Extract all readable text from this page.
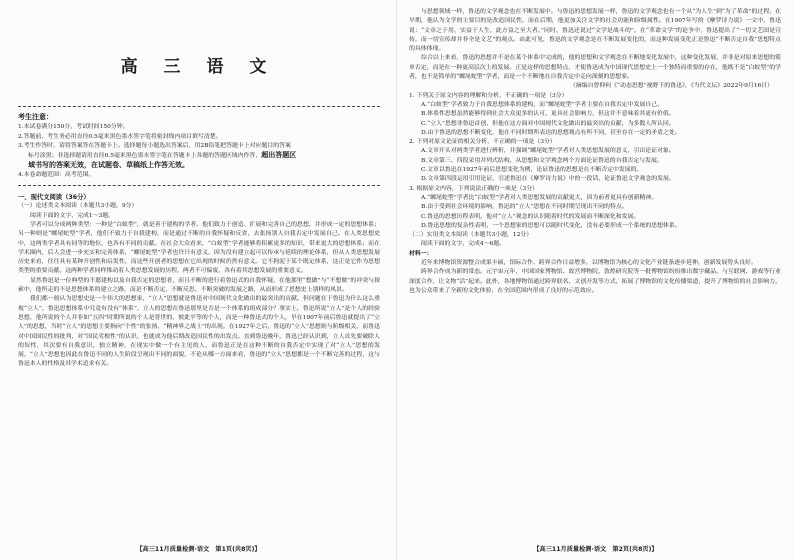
高 三 语 文
考生注意：
1.本试卷满分150分，考试时间150分钟。
2.答题前，考生务必用直径0.5毫米黑色墨水签字笔将密封线内项目填写清楚。
3.考生作答时，请将答案答在答题卡上。选择题每小题选出答案后，用2B铅笔把答题卡上对应题目的答案
标号涂黑；非选择题请用直径0.5毫米黑色墨水签字笔在答题卡上各题的答题区域内作答，超出答题区
域书写的答案无效，在试题卷、草稿纸上作答无效。
4.本卷命题范围：高考范围。
一、现代文阅读（36分）
（一）论述类文本阅读（本题共3小题，9分）
阅读下面的文字，完成1～3题。
学者可以分成两种类型：一种是“白蚁型”，就是善于建构的学者。他们致力于创造、扩展和完善自己的思想，并形成一定的思想体系；另一种则是“螺尾蛇型”学者，他们不致力于自我建构，而是通过不断的自我怀疑和反省，去张扬别人自我否定中发展自己。在人类思想史中，这两类学者具有同等的地位，也各有不同的贡献。在社会大众看来，“白蚁型”学者能够将积累更多的知识，带来更大的思想体系；而在学术圈内，后人会进一步充实和完善体系，“螺尾蛇型”学者也许只有意义，因为没有建立起可以传承与延续的理论体系，但从人类思想发展历史来看，往往具有某种开创性和启发性，而这些开创者的思想在它出现的时候仍然有意义。它不拘泥于某个既定体系，这正是它作为思想类型的重要贡献。这两种学者同样推动着人类思想发展的历程，两者不可偏废，各有着其思想发展的重要意义。
显然鲁迅是一位典型的不愿建构以及自我否定的思想者，而且不断的进行着鲁迅式的自我怀疑，在他那里“想做”与“不想做”的冲突与探索中，他所走的不是思想体系的建立之路，而是不断否定、不断反思、不断突破的发展之路，从而形成了思想史上别样的风景。
我们都一般认为思想史是一个伟大的思想家，“立人”思想就是鲁迅对中国现代文化做出的最突出的贡献。但问题在于鲁迅为什么这么重视“立人”，鲁迅思想体系中究竟有没有“体系”，立人的思想在鲁迅那里是否是一个体系的组成部分？事实上，鲁迅所说“立人”是个人的经验思想，他所说的个人并非如“五四”时期所说的个人是普世的、彼此平等的个人，而是一种鲁迅式的个人，早在1907年前后鲁迅就提出了“立人”的思想，当时“立人”的思想主要指向“个性”的张扬、“精神界之战士”的出现。在1927年之后，鲁迅的“立人”思想则与阶级相关，而鲁迅对中国国民性的批判，对“国民劣根性”的认识，也就成为他后期改造国民性的出发点。直到鲁迅晚年，鲁迅已经认识到，立人首先要破除人的奴性，其次要有自我意识，独立精神，在现实中做一个有主见的人，而鲁迅正是在这种不断的自我否定中实现了对“立人”思想的发展，“立人”思想也因此在鲁迅不同的人生阶段呈现出不同的面貌，不论从哪一方面来看，鲁迅的“立人”思想都是一个不断完善的过程，这与鲁迅本人的性格及其学术追求有关。
【高三11月质量检测·语文　第1页(共8页)】
与思想领域一样，鲁迅的文学观念也在不断发展中。与鲁迅的思想发展一样，鲁迅的文学观念也有一个从“为人生”到“为了革命”的过程。在早期，他认为文学的主要目的是改造国民性，而在后期，他更加关注文学的社会功能和阶级属性。在1907年写的《摩罗诗力说》一文中，鲁迅说：“文章之于用，实益于人生，此方益之至大者。”同时，鲁迅还说过“文学是战斗的”。在“革命文学”的论争中，鲁迅提出了“一切文艺固是宣传，而一切宣传却并非全是文艺”的观点。由此可见，鲁迅的文学观念是在不断发展变化的，而这种发展变化正是鲁迅“不断否定自我”思想特点的具体体现。
综合以上来看，鲁迅的思想并不是在某个体系中完成的，他的思想和文学观念在不断地变化发展中，这种变化发展，并非是对原来思想的简单否定，而是在一种更高层次上的发展。正是这样的思想特点，才使鲁迅成为中国现代思想史上一个独特而重要的存在，他既不是“白蚁型”的学者，也不是简单的“螺尾蛇型”学者，而是一个不断地在自我否定中走向深刻的思想家。
（摘编自曾仰何《“动态思想”视野下的鲁迅》，《当代文坛》2022年9月16日）
1. 下列关于原文内容的理解和分析，不正确的一项是（3分）
A.“白蚁型”学者致力于自我思想体系的建构，而“螺尾蛇型”学者主要在自我否定中发展自己。
B.体系性思想虽然能够得到社会大众更多的认可，更具社会影响力，但这并不意味着其更有价值。
C.“立人”思想非鲁迅首创，但他在这方面对中国现代文化做出的最突出的贡献，为多数人所认同。
D.由于鲁迅的思想不断变化，他在不同时期所表达的思想观点有所不同，甚至存在一定的矛盾之处。
2. 下列对原文论证的相关分析，不正确的一项是（3分）
A.文章开头对两类学者进行辨析，并强调“螺尾蛇型”学者对人类思想发展的意义，引出论证对象。
B.文章第三、四段采用并列式结构，从思想和文学观念两个方面论证鲁迅的自我否定与发展。
C.文章以鲁迅在1927年前后思想变化为例，论证鲁迅的思想是在不断否定中发展的。
D.文章第四段运用引用论证，引述鲁迅在《摩罗诗力说》中的一段话，论证鲁迅文学观念的发展。
3. 根据原文内容，下列说法正确的一项是（3分）
A.“螺尾蛇型”学者比“白蚁型”学者对人类思想发展的贡献更大，因为前者更具有创新精神。
B.由于受到社会环境的影响，鲁迅的“立人”思想在不同时期呈现出不同的特点。
C.鲁迅的思想历程表明，他对“立人”观念的认识随着时代的发展而不断深化和发展。
D.鲁迅思想的复杂性表明，一个思想家的思想可以随时代变化，没有必要形成一个系统的思想体系。
（二）实用类文本阅读（本题共3小题，12分）
阅读下面的文字，完成4～6题。
材料一：
近年来博物馆资源整合成果丰硕，馆际合作、跨界合作日益增多，以博物馆为核心的文化产业链条逐步延伸，创新发展势头良好。
跨界合作成为新的常态。元宇宙元年，中国国家博物馆、故宫博物院、敦煌研究院等一批博物馆纷纷推出数字藏品，与互联网、游戏等行业深度合作，让文物“活”起来。此外，各地博物馆通过跨界联名、文创开发等方式，拓展了博物馆的文化传播渠道，提升了博物馆的社会影响力，也为公众带来了全新的文化体验，在全国范围内形成了良好的示范效应。
【高三11月质量检测·语文　第2页(共8页)】
